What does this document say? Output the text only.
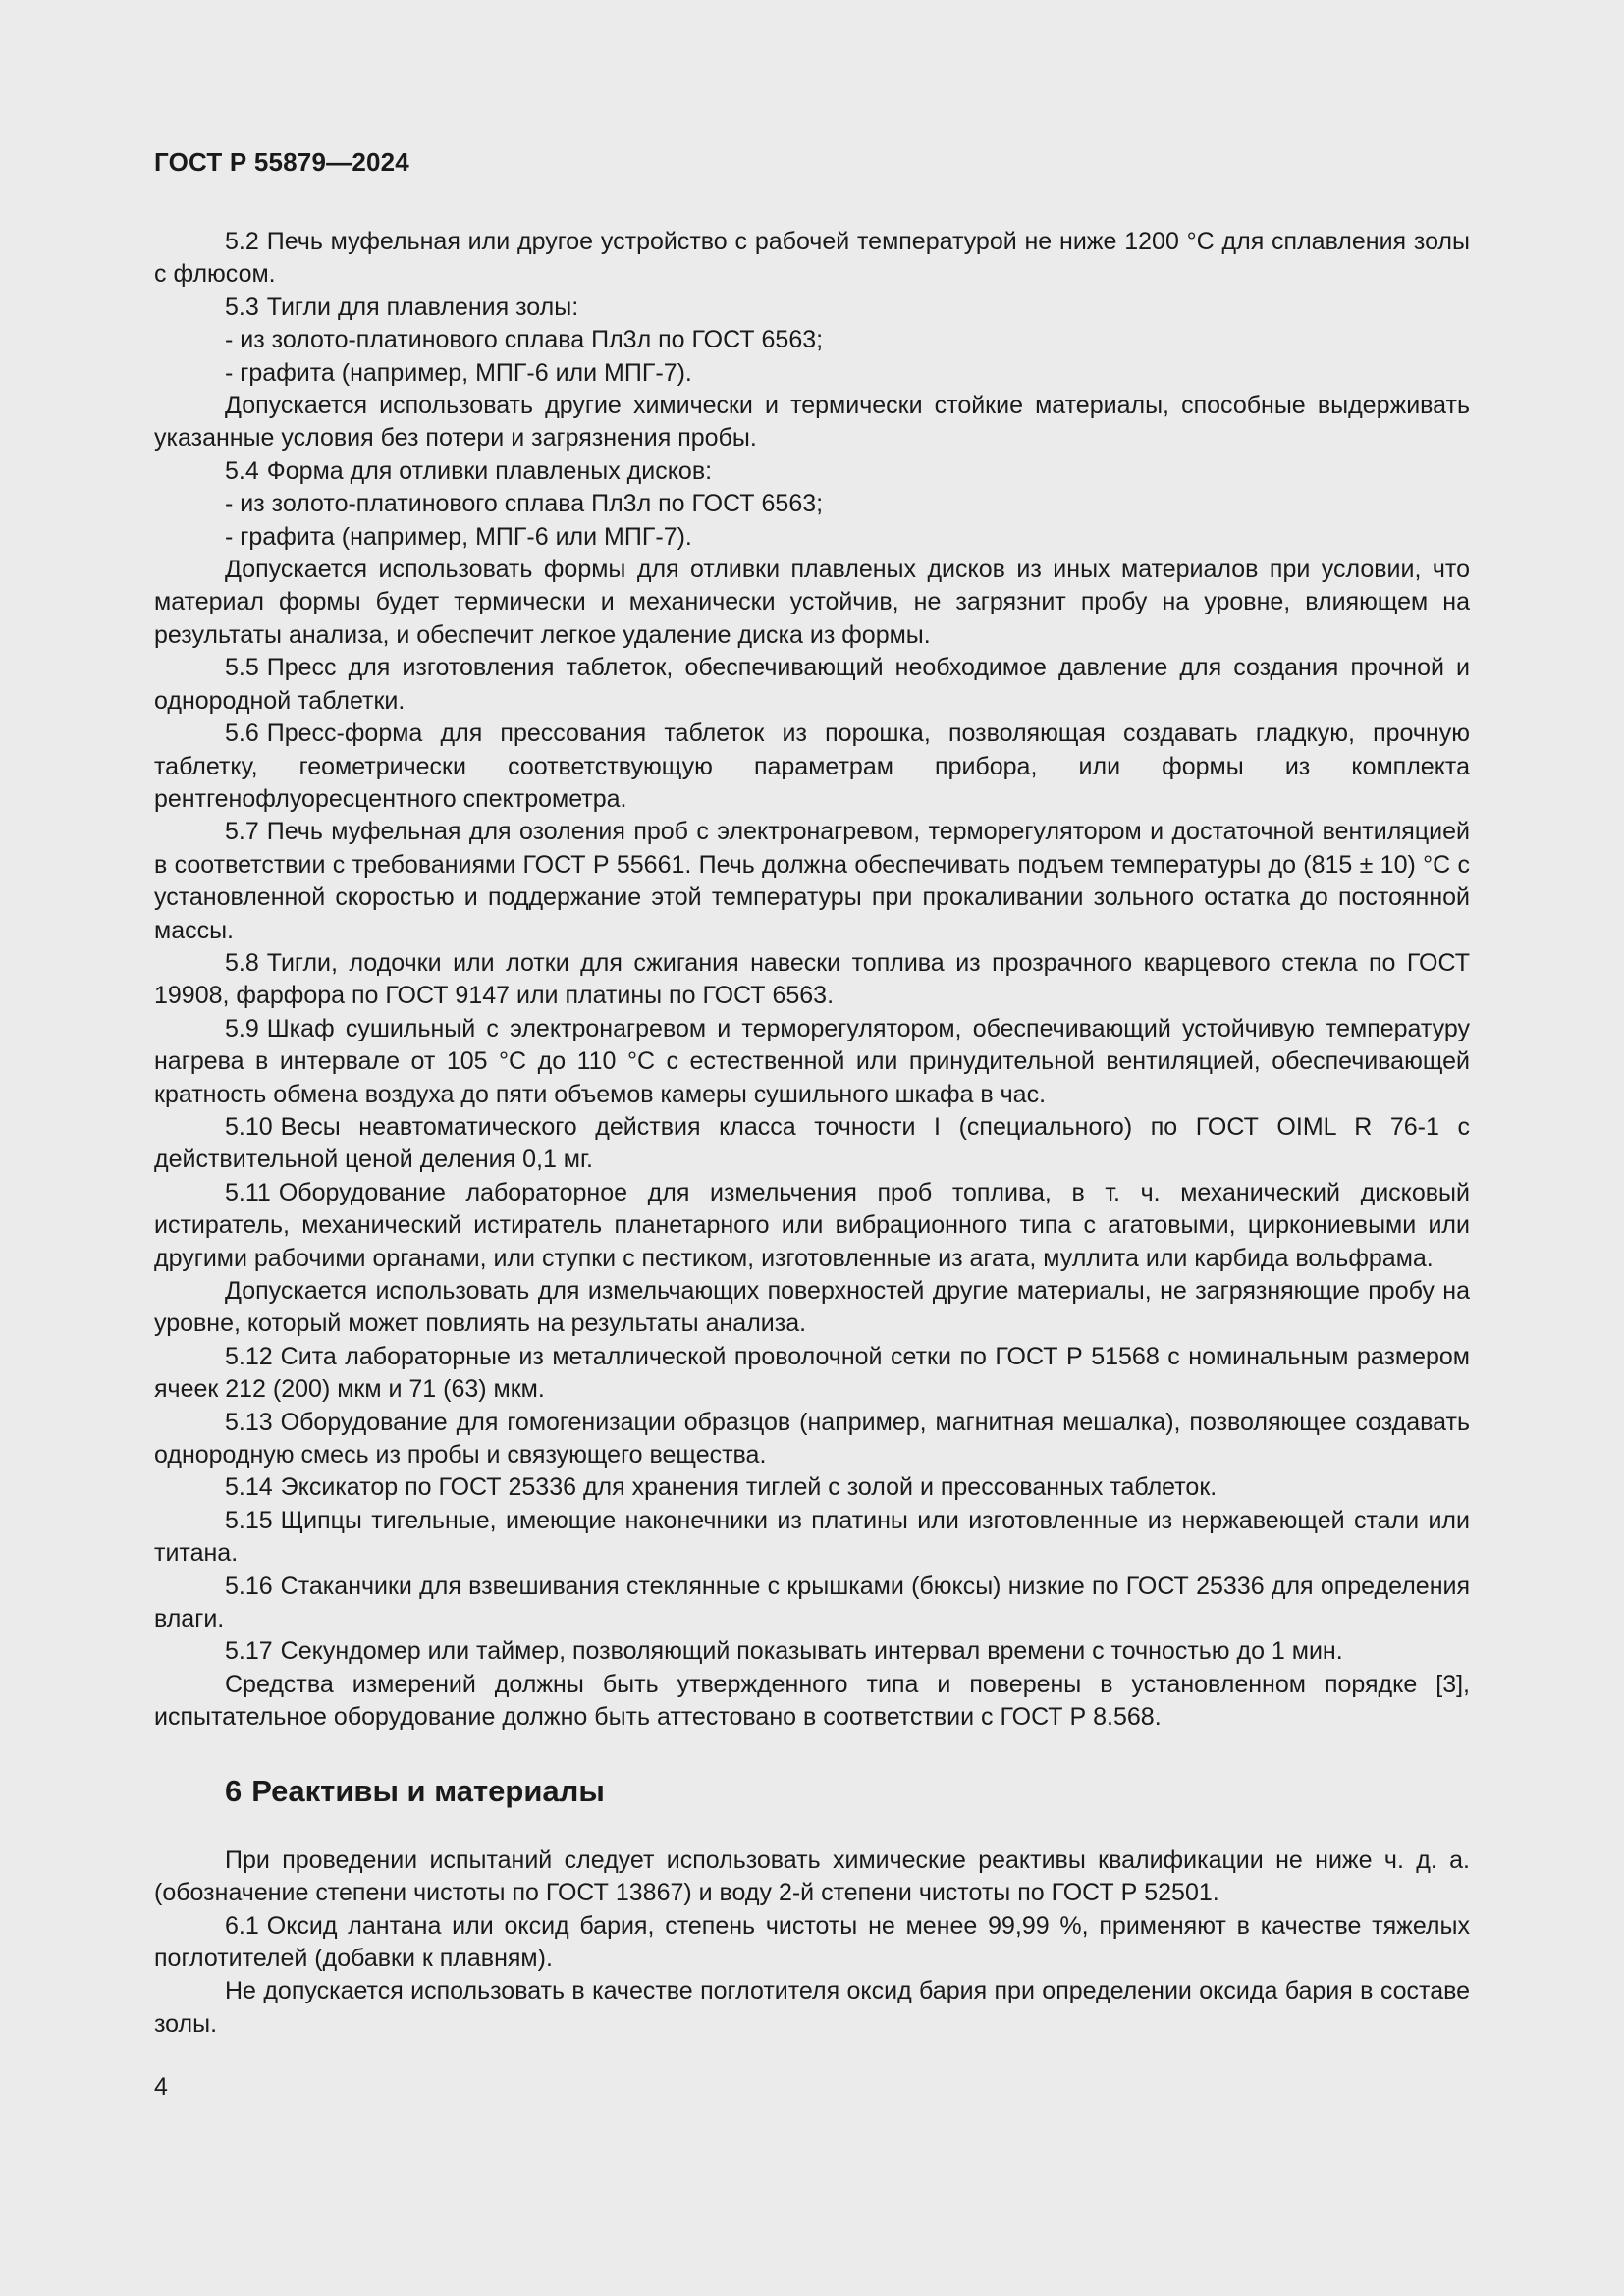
ГОСТ Р 55879—2024

5.2 Печь муфельная или другое устройство с рабочей температурой не ниже 1200 °С для сплавления золы с флюсом.

5.3 Тигли для плавления золы:

- из золото-платинового сплава Пл3л по ГОСТ 6563;

- графита (например, МПГ-6 или МПГ-7).

Допускается использовать другие химически и термически стойкие материалы, способные выдерживать указанные условия без потери и загрязнения пробы.

5.4 Форма для отливки плавленых дисков:

- из золото-платинового сплава Пл3л по ГОСТ 6563;

- графита (например, МПГ-6 или МПГ-7).

Допускается использовать формы для отливки плавленых дисков из иных материалов при условии, что материал формы будет термически и механически устойчив, не загрязнит пробу на уровне, влияющем на результаты анализа, и обеспечит легкое удаление диска из формы.

5.5 Пресс для изготовления таблеток, обеспечивающий необходимое давление для создания прочной и однородной таблетки.

5.6 Пресс-форма для прессования таблеток из порошка, позволяющая создавать гладкую, прочную таблетку, геометрически соответствующую параметрам прибора, или формы из комплекта рентгенофлуоресцентного спектрометра.

5.7 Печь муфельная для озоления проб с электронагревом, терморегулятором и достаточной вентиляцией в соответствии с требованиями ГОСТ Р 55661. Печь должна обеспечивать подъем температуры до (815 ± 10) °С с установленной скоростью и поддержание этой температуры при прокаливании зольного остатка до постоянной массы.

5.8 Тигли, лодочки или лотки для сжигания навески топлива из прозрачного кварцевого стекла по ГОСТ 19908, фарфора по ГОСТ 9147 или платины по ГОСТ 6563.

5.9 Шкаф сушильный с электронагревом и терморегулятором, обеспечивающий устойчивую температуру нагрева в интервале от 105 °С до 110 °С с естественной или принудительной вентиляцией, обеспечивающей кратность обмена воздуха до пяти объемов камеры сушильного шкафа в час.

5.10 Весы неавтоматического действия класса точности I (специального) по ГОСТ OIML R 76-1 с действительной ценой деления 0,1 мг.

5.11 Оборудование лабораторное для измельчения проб топлива, в т. ч. механический дисковый истиратель, механический истиратель планетарного или вибрационного типа с агатовыми, циркониевыми или другими рабочими органами, или ступки с пестиком, изготовленные из агата, муллита или карбида вольфрама.

Допускается использовать для измельчающих поверхностей другие материалы, не загрязняющие пробу на уровне, который может повлиять на результаты анализа.

5.12 Сита лабораторные из металлической проволочной сетки по ГОСТ Р 51568 с номинальным размером ячеек 212 (200) мкм и 71 (63) мкм.

5.13 Оборудование для гомогенизации образцов (например, магнитная мешалка), позволяющее создавать однородную смесь из пробы и связующего вещества.

5.14 Эксикатор по ГОСТ 25336 для хранения тиглей с золой и прессованных таблеток.

5.15 Щипцы тигельные, имеющие наконечники из платины или изготовленные из нержавеющей стали или титана.

5.16 Стаканчики для взвешивания стеклянные с крышками (бюксы) низкие по ГОСТ 25336 для определения влаги.

5.17 Секундомер или таймер, позволяющий показывать интервал времени с точностью до 1 мин.

Средства измерений должны быть утвержденного типа и поверены в установленном порядке [3], испытательное оборудование должно быть аттестовано в соответствии с ГОСТ Р 8.568.

6 Реактивы и материалы

При проведении испытаний следует использовать химические реактивы квалификации не ниже ч. д. а. (обозначение степени чистоты по ГОСТ 13867) и воду 2-й степени чистоты по ГОСТ Р 52501.

6.1 Оксид лантана или оксид бария, степень чистоты не менее 99,99 %, применяют в качестве тяжелых поглотителей (добавки к плавням).

Не допускается использовать в качестве поглотителя оксид бария при определении оксида бария в составе золы.

4
